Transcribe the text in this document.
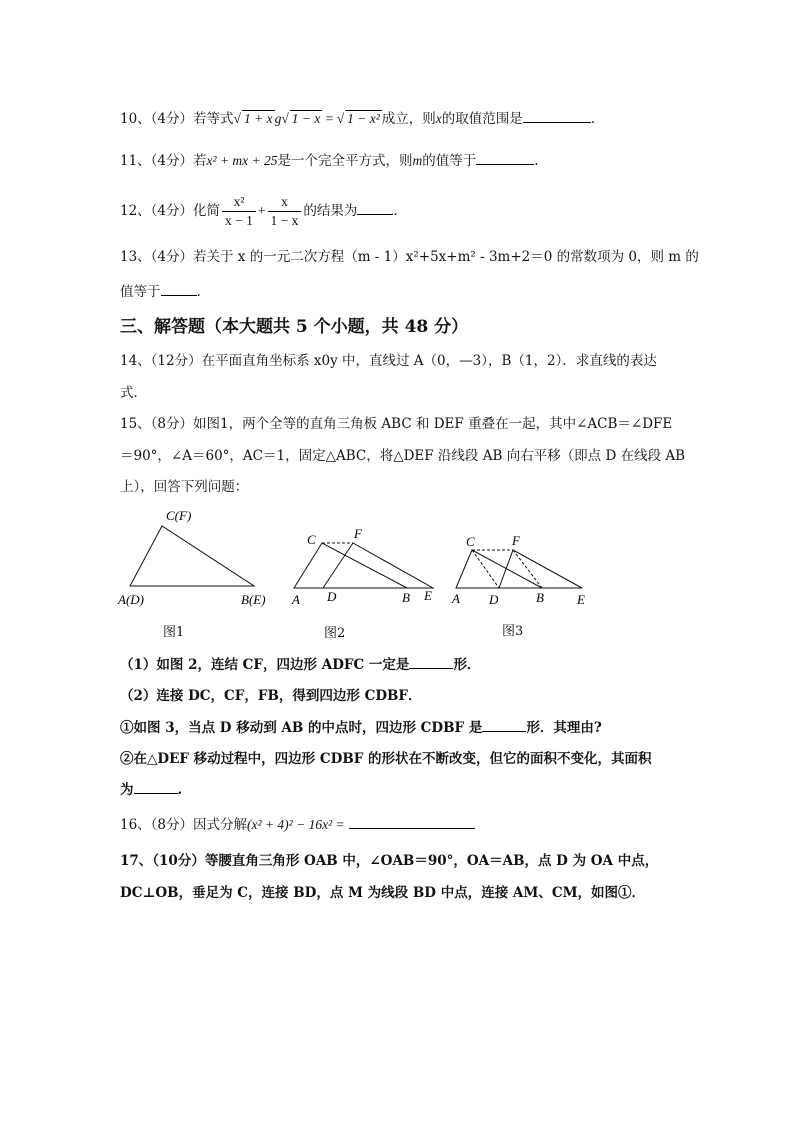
10、（4分）若等式√ 1 + x g√ 1 − x = √ 1 − x² 成立，则x的取值范围是	.
11、（4分）若x² + mx + 25是一个完全平方式，则m的值等于	.
12、（4分）化简 $\frac{\text{x²}}{x - 1} + \frac{x}{1 - x}$ 的结果为	.
13、（4分）若关于 x 的一元二次方程（m - 1）x²+5x+m² - 3m+2＝0 的常数项为 0，则 m 的
值等于	.
三、解答题（本大题共 5 个小题，共 48 分）
14、（12分）在平面直角坐标系 x0y 中，直线过 A（0，—3），B（1，2）．求直线的表达
式．
15、（8分）如图1，两个全等的直角三角板 ABC 和 DEF 重叠在一起，其中∠ACB＝∠DFE
＝90°，∠A＝60°，AC＝1，固定△ABC，将△DEF 沿线段 AB 向右平移（即点 D 在线段 AB
上），回答下列问题：
C(F)
A(D)	B(E)
C	F
A D	B E
C	F
A D	B	E
图1	图2	图3
（1）如图 2，连结 CF，四边形 ADFC 一定是	形．
（2）连接 DC，CF，FB，得到四边形 CDBF．
①如图 3，当点 D 移动到 AB 的中点时，四边形 CDBF 是	形．其理由?
②在△DEF 移动过程中，四边形 CDBF 的形状在不断改变，但它的面积不变化，其面积
为	.
16、（8分）因式分解(x² + 4)² − 16x² =
17、（10分）等腰直角三角形 OAB 中，∠OAB＝90°，OA＝AB，点 D 为 OA 中点，
DC⊥OB，垂足为 C，连接 BD，点 M 为线段 BD 中点，连接 AM、CM，如图①．
